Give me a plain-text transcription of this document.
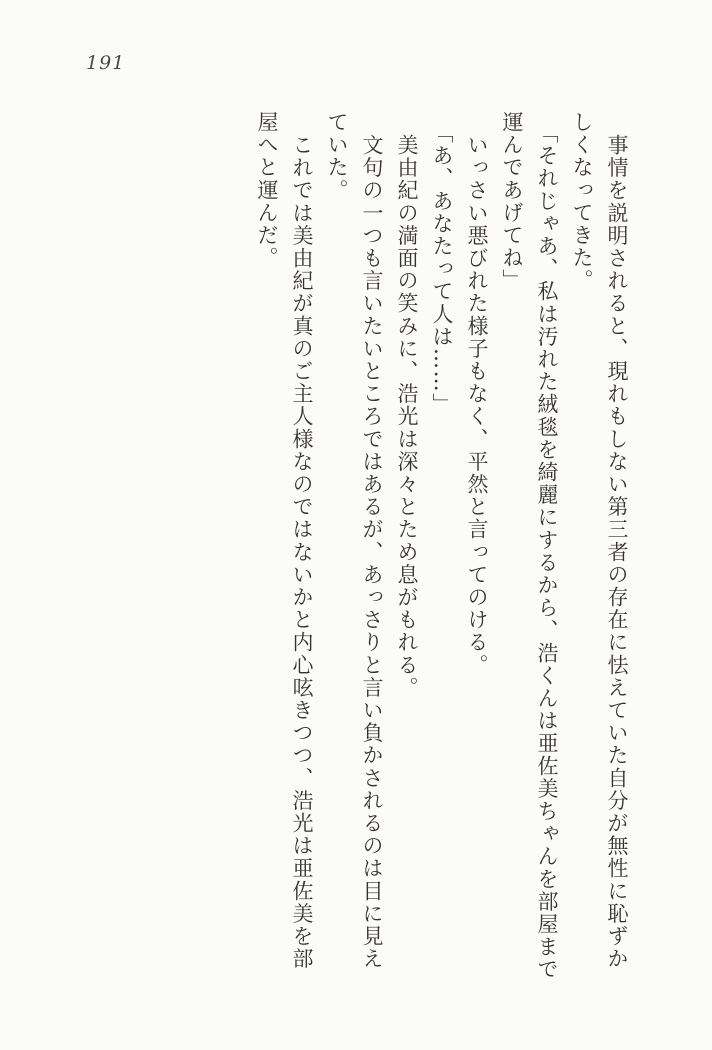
191

事情を説明されると、現れもしない第三者の存在に怯えていた自分が無性に恥ずか

しくなってきた。

「それじゃあ、私は汚れた絨毯を綺麗にするから、浩くんは亜佐美ちゃんを部屋まで

運んであげてね」

いっさい悪びれた様子もなく、平然と言ってのける。

「あ、あなたって人は……」

美由紀の満面の笑みに、浩光は深々とため息がもれる。

文句の一つも言いたいところではあるが、あっさりと言い負かされるのは目に見え

ていた。

これでは美由紀が真のご主人様なのではないかと内心呟きつつ、浩光は亜佐美を部

屋へと運んだ。
